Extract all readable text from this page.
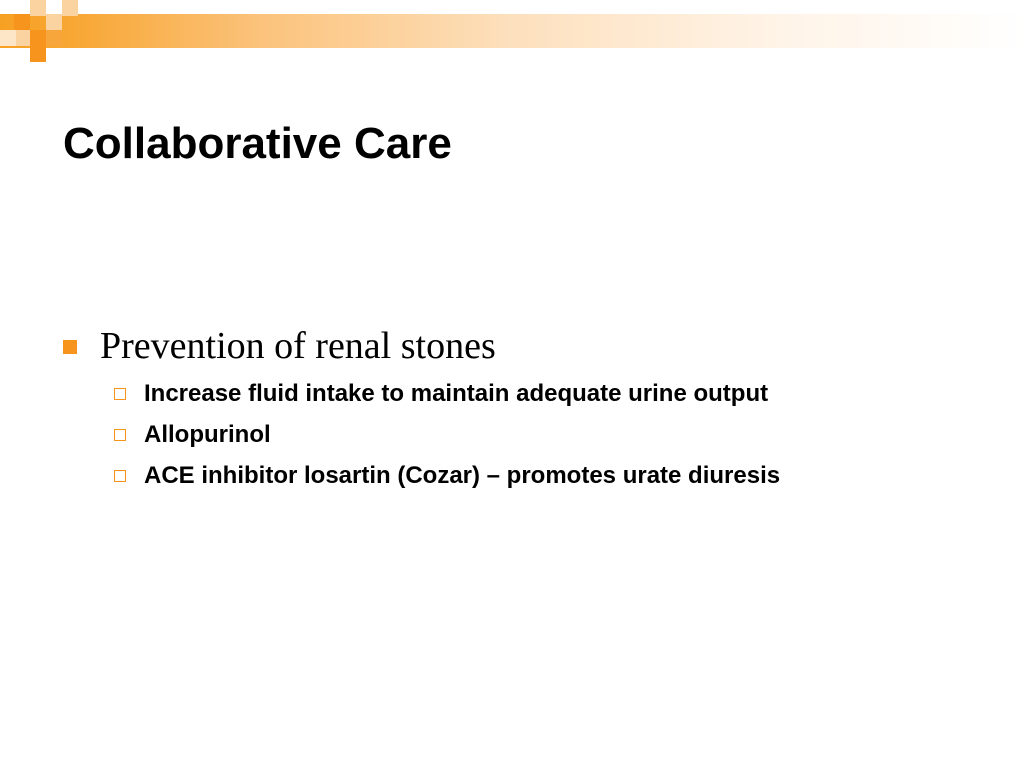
Collaborative Care
Prevention of renal stones
Increase fluid intake to maintain adequate urine output
Allopurinol
ACE inhibitor losartin (Cozar) – promotes urate diuresis
